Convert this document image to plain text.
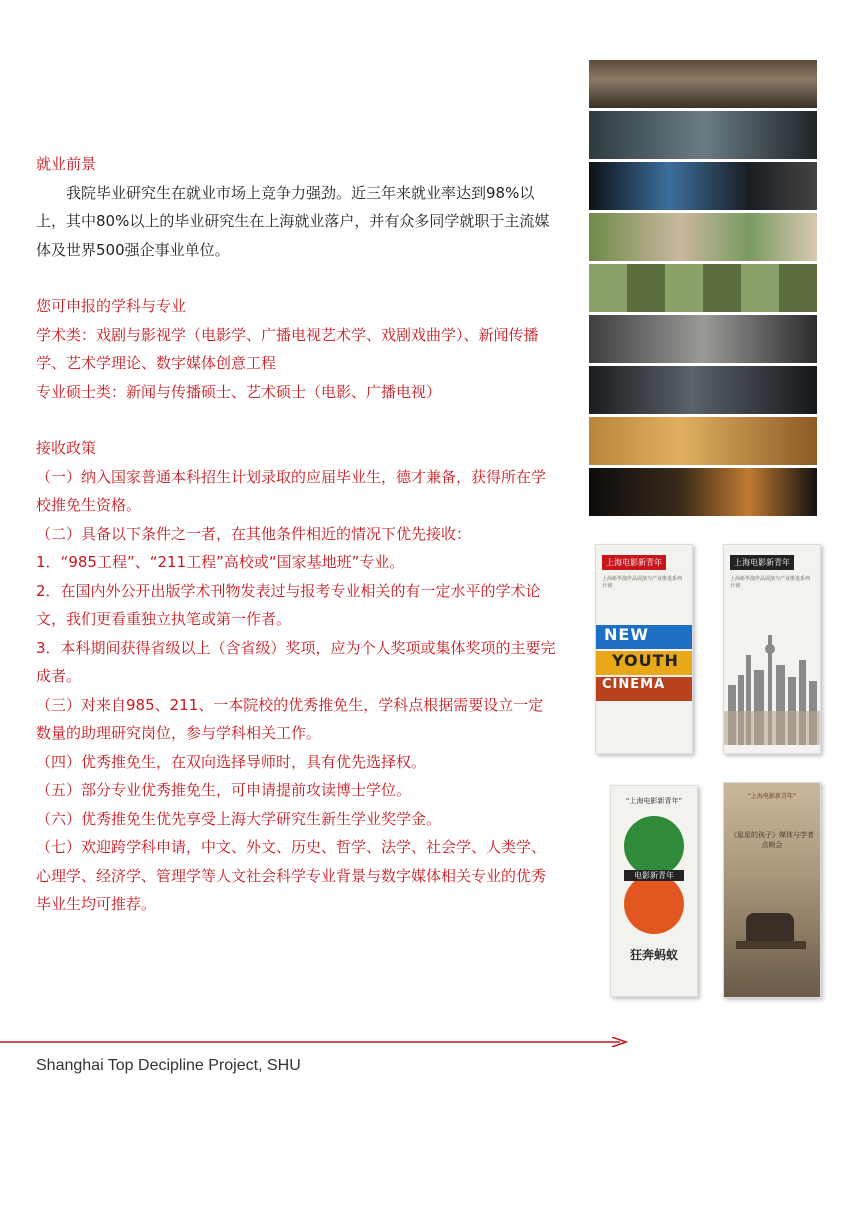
就业前景
我院毕业研究生在就业市场上竞争力强劲。近三年来就业率达到98%以上，其中80%以上的毕业研究生在上海就业落户，并有众多同学就职于主流媒体及世界500强企事业单位。
您可申报的学科与专业
学术类：戏剧与影视学（电影学、广播电视艺术学、戏剧戏曲学）、新闻传播学、艺术学理论、数字媒体创意工程
专业硕士类：新闻与传播硕士、艺术硕士（电影、广播电视）
接收政策
（一）纳入国家普通本科招生计划录取的应届毕业生，德才兼备，获得所在学校推免生资格。
（二）具备以下条件之一者，在其他条件相近的情况下优先接收：
1．“985工程”、“211工程”高校或“国家基地班”专业。
2．在国内外公开出版学术刊物发表过与报考专业相关的有一定水平的学术论文，我们更看重独立执笔或第一作者。
3．本科期间获得省级以上（含省级）奖项，应为个人奖项或集体奖项的主要完成者。
（三）对来自985、211、一本院校的优秀推免生，学科点根据需要设立一定数量的助理研究岗位，参与学科相关工作。
（四）优秀推免生，在双向选择导师时，具有优先选择权。
（五）部分专业优秀推免生，可申请提前攻读博士学位。
（六）优秀推免生优先享受上海大学研究生新生学业奖学金。
（七）欢迎跨学科申请，中文、外文、历史、哲学、法学、社会学、人类学、心理学、经济学、管理学等人文社会科学专业背景与数字媒体相关专业的优秀毕业生均可推荐。
上海电影新青年
上海新华演作品展演与产业推进系列计划
NEW
YOUTH
CINEMA
上海电影新青年
上海新华演作品展演与产业推进系列计划
“上海电影新青年”
电影新青年
狂奔蚂蚁
“上海电影新青年”
《星星的孩子》媒体与学者点映会
Shanghai Top Decipline Project, SHU
